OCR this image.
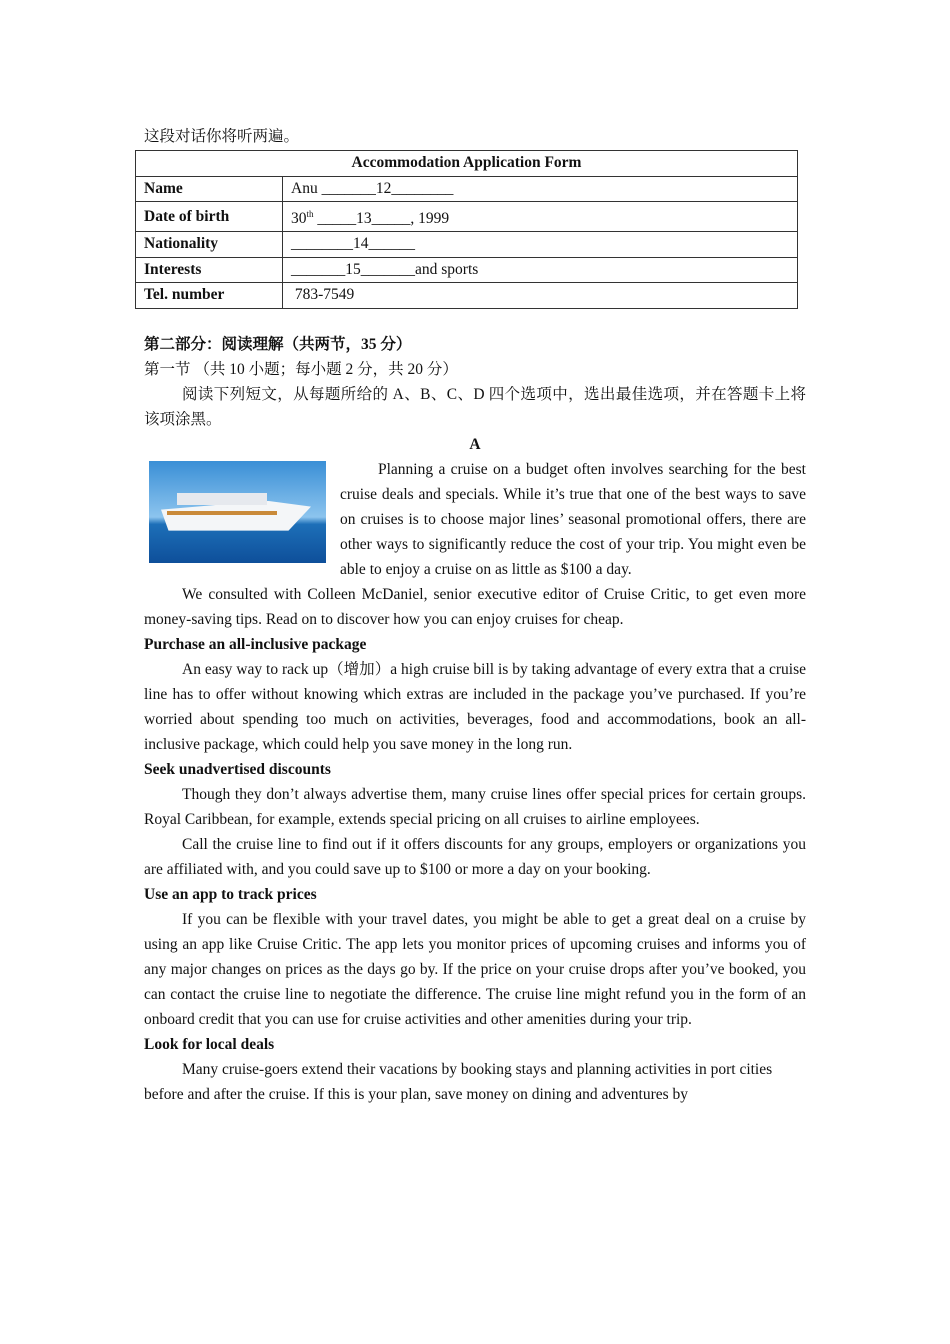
这段对话你将听两遍。
Accommodation Application Form	
Name	Anu _______12________
Date of birth	30th _____13_____, 1999
Nationality	________14______
Interests	_______15_______and sports
Tel. number	783-7549
第二部分：阅读理解（共两节，35 分）
第一节 （共 10 小题；每小题 2 分，共 20 分）

阅读下列短文，从每题所给的 A、B、C、D 四个选项中，选出最佳选项，并在答题卡上将该项涂黑。

A

Planning a cruise on a budget often involves searching for the best cruise deals and specials. While it’s true that one of the best ways to save on cruises is to choose major lines’ seasonal promotional offers, there are other ways to significantly reduce the cost of your trip. You might even be able to enjoy a cruise on as little as $100 a day.

We consulted with Colleen McDaniel, senior executive editor of Cruise Critic, to get even more money-saving tips. Read on to discover how you can enjoy cruises for cheap.

Purchase an all-inclusive package

An easy way to rack up（增加）a high cruise bill is by taking advantage of every extra that a cruise line has to offer without knowing which extras are included in the package you’ve purchased. If you’re worried about spending too much on activities, beverages, food and accommodations, book an all-inclusive package, which could help you save money in the long run.

Seek unadvertised discounts

Though they don’t always advertise them, many cruise lines offer special prices for certain groups. Royal Caribbean, for example, extends special pricing on all cruises to airline employees.

Call the cruise line to find out if it offers discounts for any groups, employers or organizations you are affiliated with, and you could save up to $100 or more a day on your booking.

Use an app to track prices

If you can be flexible with your travel dates, you might be able to get a great deal on a cruise by using an app like Cruise Critic. The app lets you monitor prices of upcoming cruises and informs you of any major changes on prices as the days go by. If the price on your cruise drops after you’ve booked, you can contact the cruise line to negotiate the difference. The cruise line might refund you in the form of an onboard credit that you can use for cruise activities and other amenities during your trip.

Look for local deals

Many cruise-goers extend their vacations by booking stays and planning activities in port cities before and after the cruise. If this is your plan, save money on dining and adventures by
